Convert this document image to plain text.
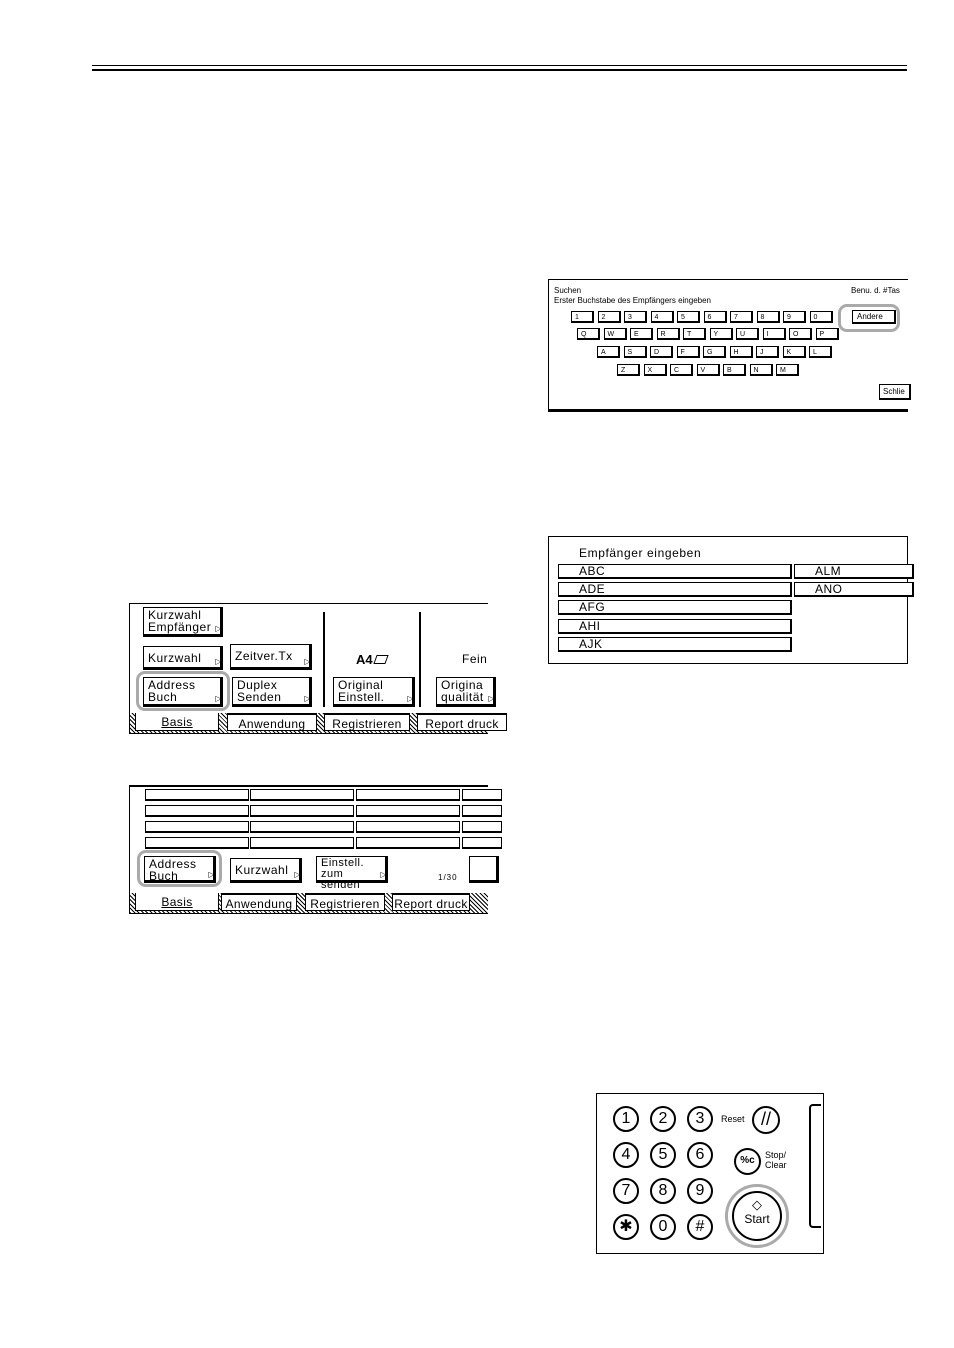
Suchen
Erster Buchstabe des Empfängers eingeben
Benu. d. #Tas
Andere
1	2	3	4	5	6	7	8	9	0
Q	W	E	R	T	Y	U	I	O	P
A	S	D	F	G	H	J	K	L
Z	X	C	V	B	N	M
Schlie
Empfänger eingeben
ABC
ADE
AFG
AHI
AJK
ALM
ANO
Kurzwahl
Empfänger ▷
Kurzwahl ▷	Zeitver.Tx ▷
Address
Buch	▷
Duplex
Senden	▷
A4
Original
Einstell.	▷
Fein
Origina
qualität ▷
Basis	Anwendung	Registrieren	Report druck
Address
Buch	▷	Kurzwahl ▷
Einstell.
zum senden
▷	1/30
Basis	Anwendung	Registrieren	Report druck
1	2	3
4	5	6
7	8	9
✱	0	#
Reset //
%c	Stop/
Clear
◇
Start
